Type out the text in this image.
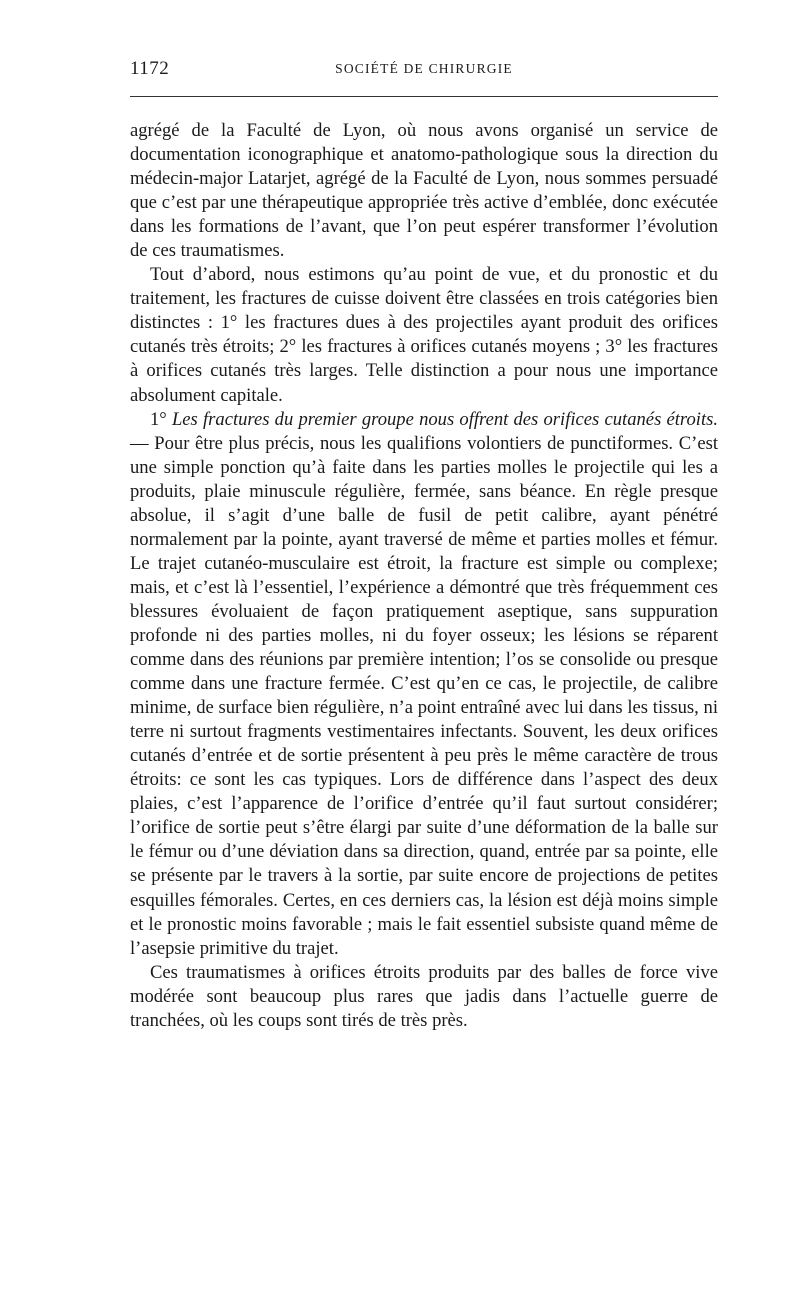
1172	SOCIÉTÉ DE CHIRURGIE

agrégé de la Faculté de Lyon, où nous avons organisé un service de documentation iconographique et anatomo-pathologique sous la direction du médecin-major Latarjet, agrégé de la Faculté de Lyon, nous sommes persuadé que c’est par une thérapeutique appropriée très active d’emblée, donc exécutée dans les formations de l’avant, que l’on peut espérer transformer l’évolution de ces traumatismes.

Tout d’abord, nous estimons qu’au point de vue, et du pronostic et du traitement, les fractures de cuisse doivent être classées en trois catégories bien distinctes : 1° les fractures dues à des projectiles ayant produit des orifices cutanés très étroits; 2° les fractures à orifices cutanés moyens ; 3° les fractures à orifices cutanés très larges. Telle distinction a pour nous une importance absolument capitale.

1° Les fractures du premier groupe nous offrent des orifices cutanés étroits. — Pour être plus précis, nous les qualifions volontiers de punctiformes. C’est une simple ponction qu’à faite dans les parties molles le projectile qui les a produits, plaie minuscule régulière, fermée, sans béance. En règle presque absolue, il s’agit d’une balle de fusil de petit calibre, ayant pénétré normalement par la pointe, ayant traversé de même et parties molles et fémur. Le trajet cutanéo-musculaire est étroit, la fracture est simple ou complexe; mais, et c’est là l’essentiel, l’expérience a démontré que très fréquemment ces blessures évoluaient de façon pratiquement aseptique, sans suppuration profonde ni des parties molles, ni du foyer osseux; les lésions se réparent comme dans des réunions par première intention; l’os se consolide ou presque comme dans une fracture fermée. C’est qu’en ce cas, le projectile, de calibre minime, de surface bien régulière, n’a point entraîné avec lui dans les tissus, ni terre ni surtout fragments vestimentaires infectants. Souvent, les deux orifices cutanés d’entrée et de sortie présentent à peu près le même caractère de trous étroits: ce sont les cas typiques. Lors de différence dans l’aspect des deux plaies, c’est l’apparence de l’orifice d’entrée qu’il faut surtout considérer; l’orifice de sortie peut s’être élargi par suite d’une déformation de la balle sur le fémur ou d’une déviation dans sa direction, quand, entrée par sa pointe, elle se présente par le travers à la sortie, par suite encore de projections de petites esquilles fémorales. Certes, en ces derniers cas, la lésion est déjà moins simple et le pronostic moins favorable ; mais le fait essentiel subsiste quand même de l’asepsie primitive du trajet.

Ces traumatismes à orifices étroits produits par des balles de force vive modérée sont beaucoup plus rares que jadis dans l’actuelle guerre de tranchées, où les coups sont tirés de très près.
